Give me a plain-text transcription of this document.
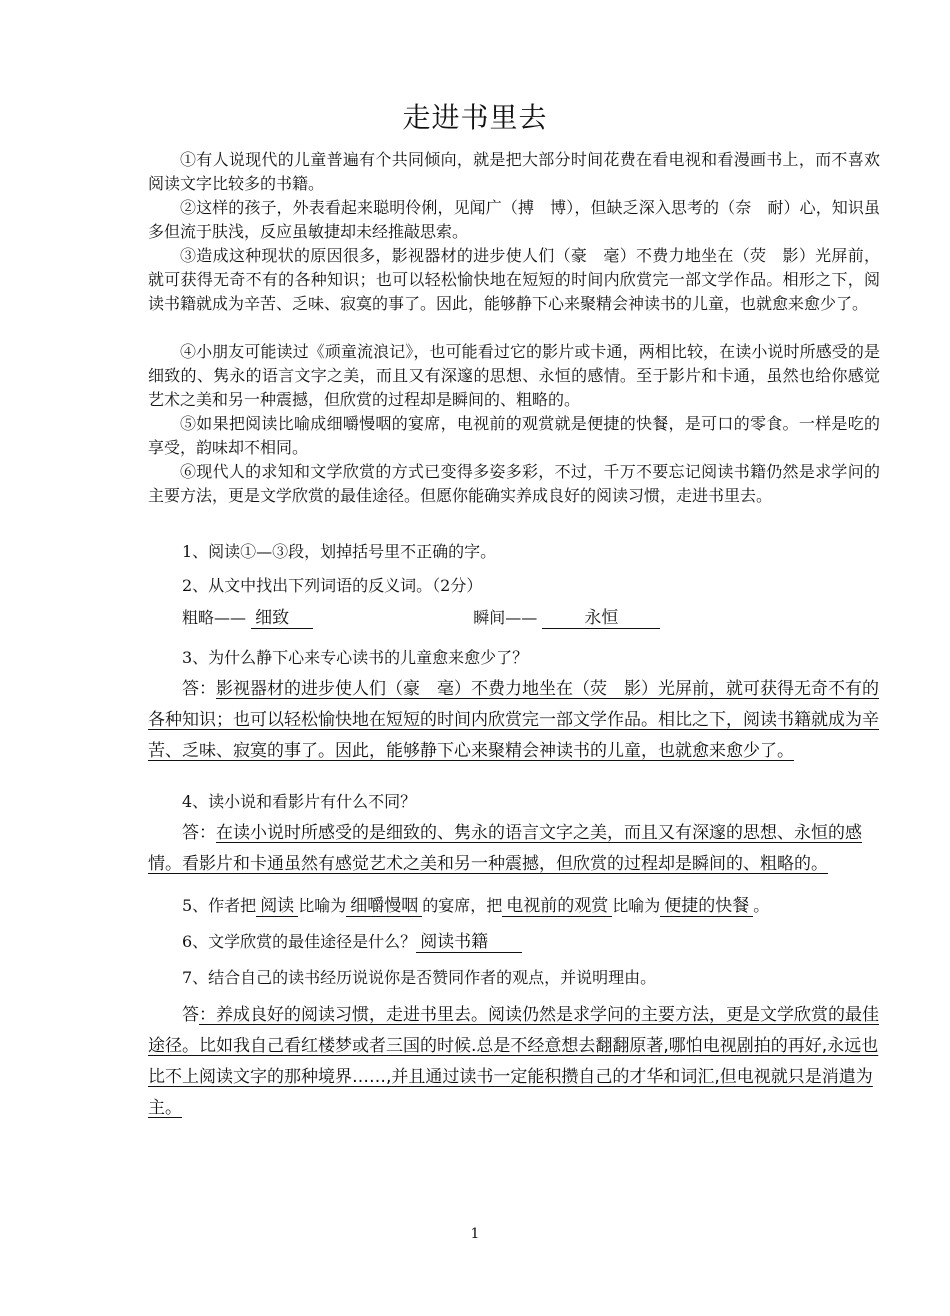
走进书里去
①有人说现代的儿童普遍有个共同倾向，就是把大部分时间花费在看电视和看漫画书上，而不喜欢阅读文字比较多的书籍。
②这样的孩子，外表看起来聪明伶俐，见闻广（搏　博），但缺乏深入思考的（奈　耐）心，知识虽多但流于肤浅，反应虽敏捷却未经推敲思索。
③造成这种现状的原因很多，影视器材的进步使人们（豪　毫）不费力地坐在（荧　影）光屏前，就可获得无奇不有的各种知识；也可以轻松愉快地在短短的时间内欣赏完一部文学作品。相形之下，阅读书籍就成为辛苦、乏味、寂寞的事了。因此，能够静下心来聚精会神读书的儿童，也就愈来愈少了。
④小朋友可能读过《顽童流浪记》，也可能看过它的影片或卡通，两相比较，在读小说时所感受的是细致的、隽永的语言文字之美，而且又有深邃的思想、永恒的感情。至于影片和卡通，虽然也给你感觉艺术之美和另一种震撼，但欣赏的过程却是瞬间的、粗略的。
⑤如果把阅读比喻成细嚼慢咽的宴席，电视前的观赏就是便捷的快餐，是可口的零食。一样是吃的享受，韵味却不相同。
⑥现代人的求知和文学欣赏的方式已变得多姿多彩，不过，千万不要忘记阅读书籍仍然是求学问的主要方法，更是文学欣赏的最佳途径。但愿你能确实养成良好的阅读习惯，走进书里去。
1、阅读①—③段，划掉括号里不正确的字。
2、从文中找出下列词语的反义词。（2分）
粗略—— 细致	瞬间——	永恒
3、为什么静下心来专心读书的儿童愈来愈少了？
答：影视器材的进步使人们（豪　毫）不费力地坐在（荧　影）光屏前，就可获得无奇不有的各种知识；也可以轻松愉快地在短短的时间内欣赏完一部文学作品。相比之下，阅读书籍就成为辛苦、乏味、寂寞的事了。因此，能够静下心来聚精会神读书的儿童，也就愈来愈少了。
4、读小说和看影片有什么不同？
答：在读小说时所感受的是细致的、隽永的语言文字之美，而且又有深邃的思想、永恒的感情。看影片和卡通虽然有感觉艺术之美和另一种震撼，但欣赏的过程却是瞬间的、粗略的。
5、作者把 阅读 比喻为 细嚼慢咽 的宴席，把 电视前的观赏 比喻为 便捷的快餐 。
6、文学欣赏的最佳途径是什么？ 阅读书籍
7、结合自己的读书经历说说你是否赞同作者的观点，并说明理由。
答：养成良好的阅读习惯，走进书里去。阅读仍然是求学问的主要方法，更是文学欣赏的最佳途径。比如我自己看红楼梦或者三国的时候.总是不经意想去翻翻原著,哪怕电视剧拍的再好,永远也比不上阅读文字的那种境界……,并且通过读书一定能积攒自己的才华和词汇,但电视就只是消遣为主。
1
